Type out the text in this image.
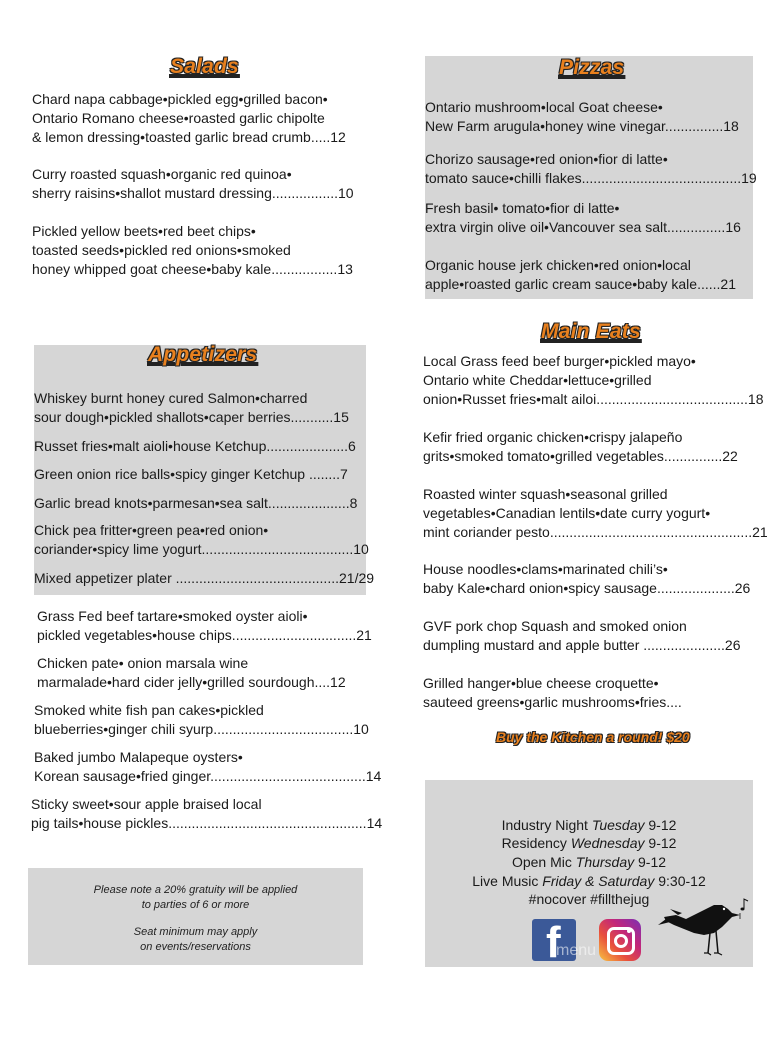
Salads
Chard napa cabbage•pickled egg•grilled bacon•
Ontario Romano cheese•roasted garlic chipolte
& lemon dressing•toasted garlic bread crumb.....12
Curry roasted squash•organic red quinoa•
sherry raisins•shallot mustard dressing.................10
Pickled yellow beets•red beet chips•
toasted seeds•pickled red onions•smoked
honey whipped goat cheese•baby kale.................13
Appetizers
Whiskey burnt honey cured Salmon•charred
sour dough•pickled shallots•caper berries...........15
Russet fries•malt aioli•house Ketchup.....................6
Green onion rice balls•spicy ginger Ketchup ........7
Garlic bread knots•parmesan•sea salt.....................8
Chick pea fritter•green pea•red onion•
coriander•spicy lime yogurt.......................................10
Mixed appetizer plater ..........................................21/29
Grass Fed beef tartare•smoked oyster aioli•
pickled vegetables•house chips................................21
Chicken pate• onion marsala wine
marmalade•hard cider jelly•grilled sourdough....12
Smoked white fish pan cakes•pickled
blueberries•ginger chili syurp....................................10
Baked jumbo Malapeque oysters•
Korean sausage•fried ginger........................................14
Sticky sweet•sour apple braised local
pig tails•house pickles...................................................14
Please note a 20% gratuity will be applied
to parties of 6 or more
Seat minimum may apply
on events/reservations
Pizzas
Ontario mushroom•local Goat cheese•
New Farm arugula•honey wine vinegar...............18
Chorizo sausage•red onion•fior di latte•
tomato sauce•chilli flakes.........................................19
Fresh basil• tomato•fior di latte•
extra virgin olive oil•Vancouver sea salt...............16
Organic house jerk chicken•red onion•local
apple•roasted garlic cream sauce•baby kale......21
Main Eats
Local Grass feed beef burger•pickled mayo•
Ontario white Cheddar•lettuce•grilled
onion•Russet fries•malt ailoi.......................................18
Kefir fried organic chicken•crispy jalapeño
grits•smoked tomato•grilled vegetables...............22
Roasted winter squash•seasonal grilled
vegetables•Canadian lentils•date curry yogurt•
mint coriander pesto....................................................21
House noodles•clams•marinated chili’s•
baby Kale•chard onion•spicy sausage....................26
GVF pork chop Squash and smoked onion
dumpling mustard and apple butter .....................26
Grilled hanger•blue cheese croquette•
sauteed greens•garlic mushrooms•fries....
Buy the Kitchen a round! $20
Industry Night Tuesday 9-12
Residency Wednesday 9-12
Open Mic Thursday 9-12
Live Music Friday & Saturday 9:30-12
#nocover #fillthejug
f
menu
